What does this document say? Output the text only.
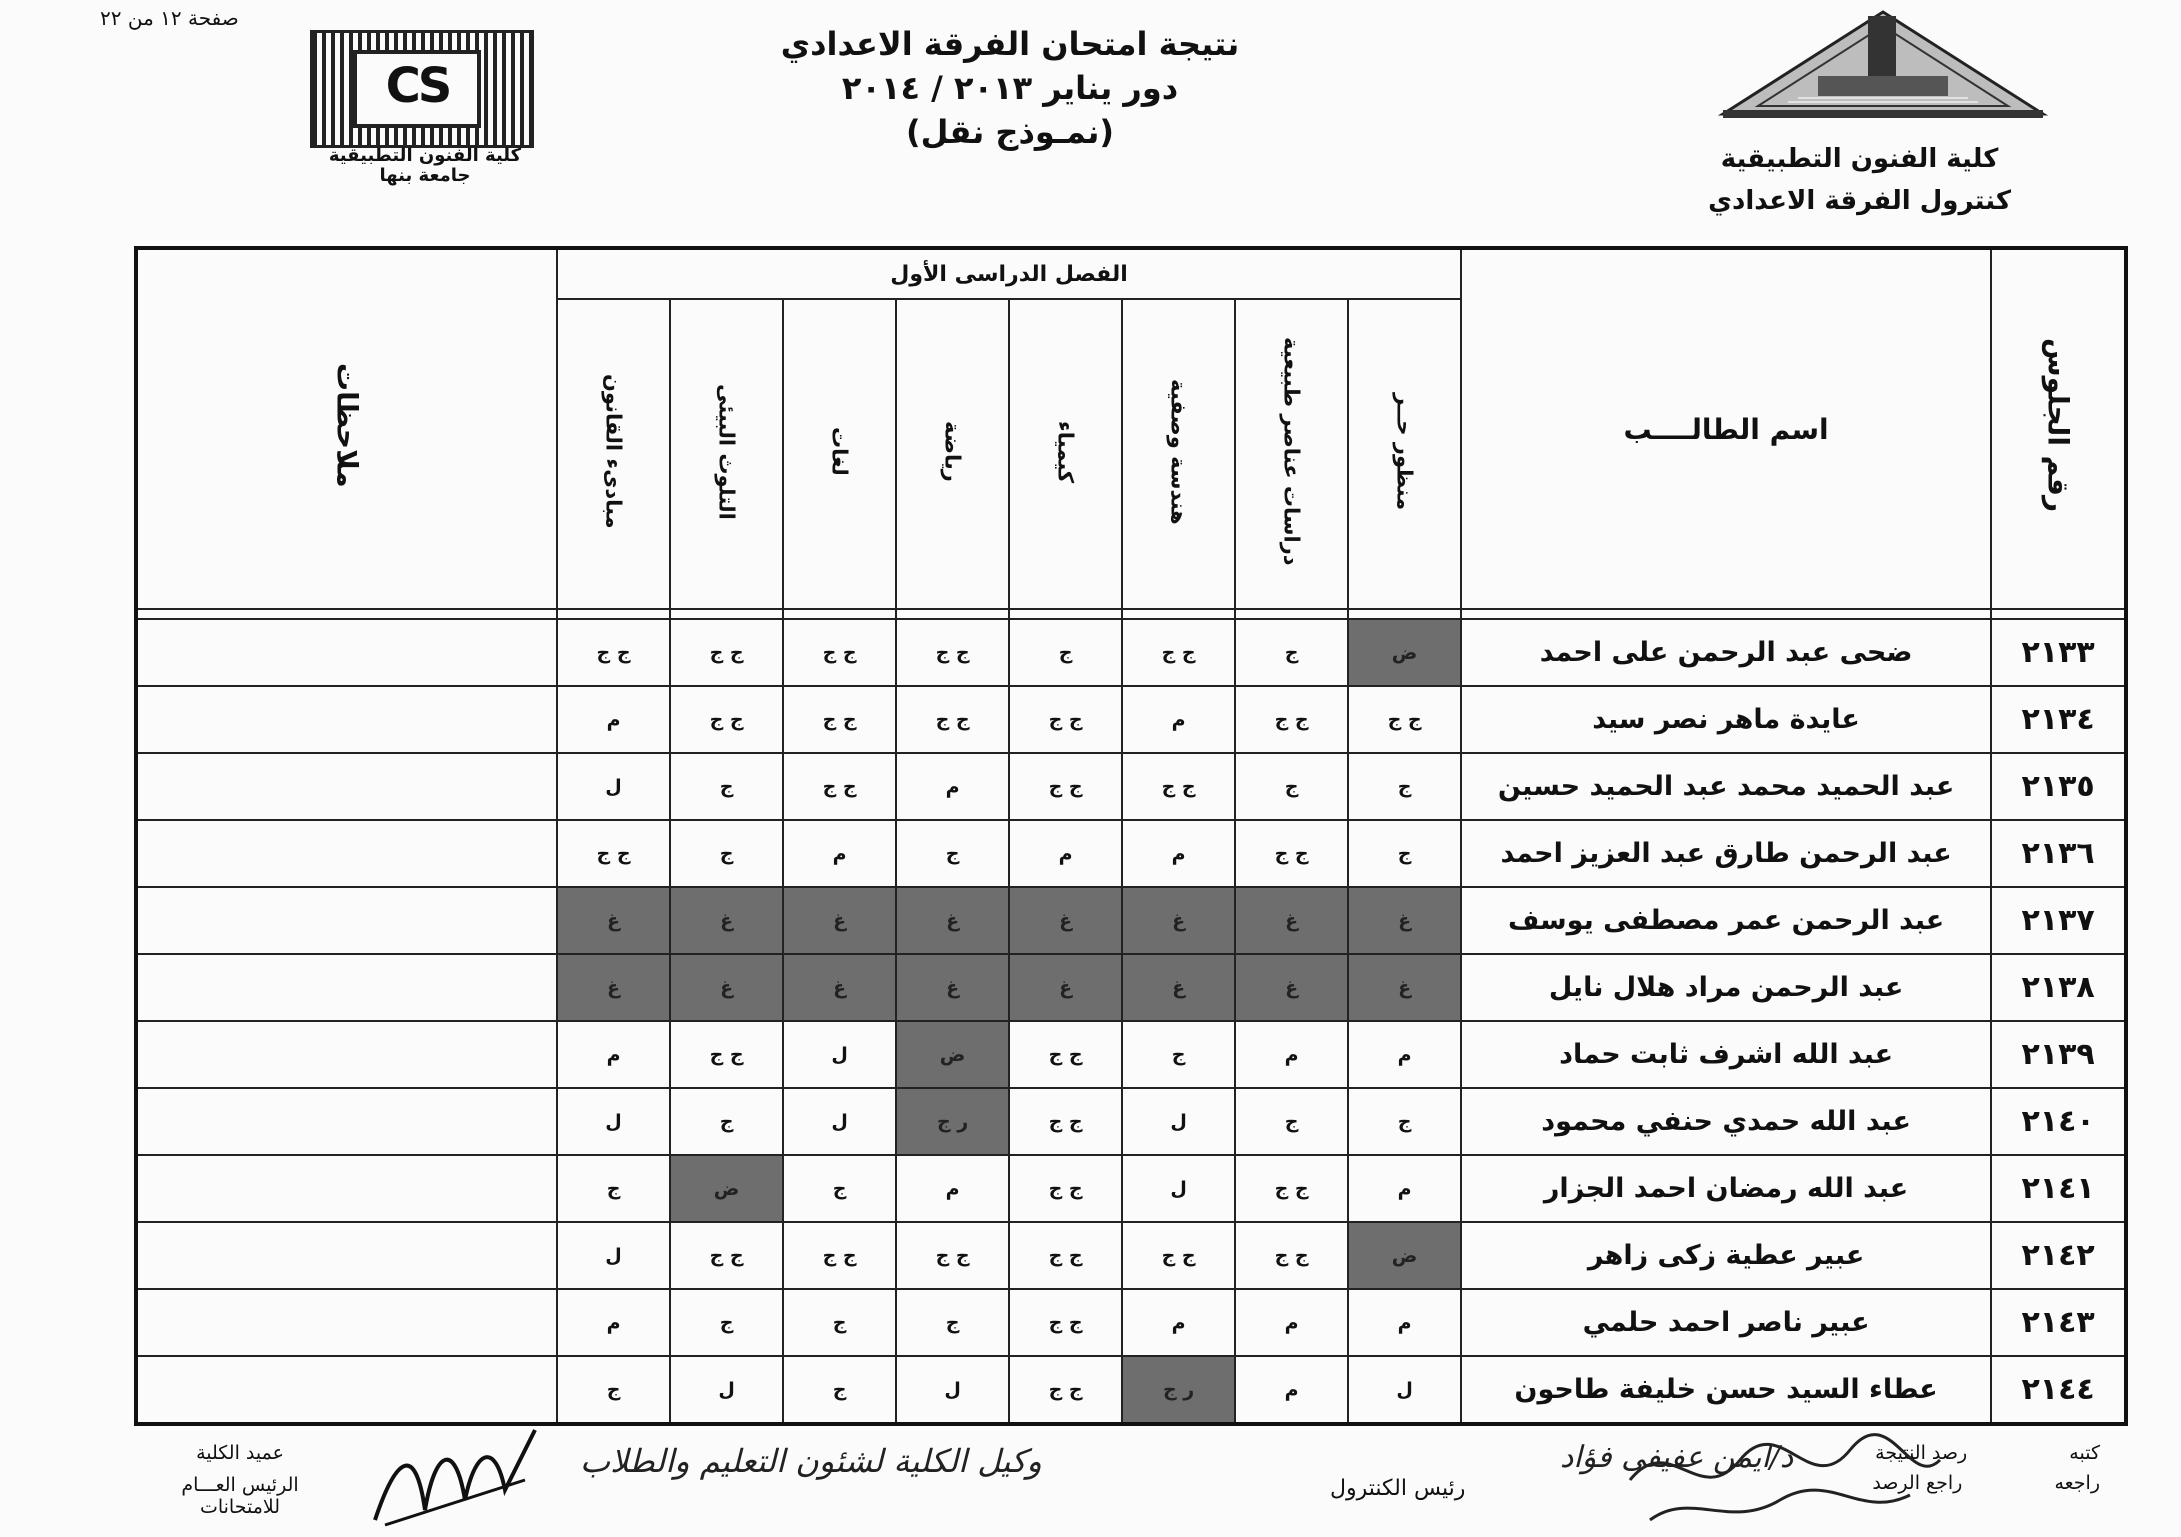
صفحة ١٢ من ٢٢
CS
كلية الفنون التطبيقية
جامعة بنها
نتيجة امتحان الفرقة الاعدادي
دور يناير ٢٠١٣ / ٢٠١٤
(نمـوذج نقل)
كلية الفنون التطبيقية
كنترول الفرقة الاعدادي
رقم الجلوس	اسم الطالــــب	الفصل الدراسى الأول								ملاحظات
		منظور حــر	دراسات عناصر طبيعية	هندسة وصفية	كيمياء	رياضة	لغات	التلوث البيئى	مبادىء القانون	

٢١٣٣	ضحى عبد الرحمن على احمد	ض	ج	ج ج	ج	ج ج	ج ج	ج ج	ج ج	
٢١٣٤	عايدة ماهر نصر سيد	ج ج	ج ج	م	ج ج	ج ج	ج ج	ج ج	م	
٢١٣٥	عبد الحميد محمد عبد الحميد حسين	ج	ج	ج ج	ج ج	م	ج ج	ج	ل	
٢١٣٦	عبد الرحمن طارق عبد العزيز احمد	ج	ج ج	م	م	ج	م	ج	ج ج	
٢١٣٧	عبد الرحمن عمر مصطفى يوسف	غ	غ	غ	غ	غ	غ	غ	غ	
٢١٣٨	عبد الرحمن مراد هلال نايل	غ	غ	غ	غ	غ	غ	غ	غ	
٢١٣٩	عبد الله اشرف ثابت حماد	م	م	ج	ج ج	ض	ل	ج ج	م	
٢١٤٠	عبد الله حمدي حنفي محمود	ج	ج	ل	ج ج	ر ج	ل	ج	ل	
٢١٤١	عبد الله رمضان احمد الجزار	م	ج ج	ل	ج ج	م	ج	ض	ج	
٢١٤٢	عبير عطية زكى زاهر	ض	ج ج	ج ج	ج ج	ج ج	ج ج	ج ج	ل	
٢١٤٣	عبير ناصر احمد حلمي	م	م	م	ج ج	ج	ج	ج	م	
٢١٤٤	عطاء السيد حسن خليفة طاحون	ل	م	ر ج	ج ج	ل	ج	ل	ج	
كتبه  رصد النتيجة
راجعه  راجع الرصد
د/ايمن عفيفى فؤاد
رئيس الكنترول
وكيل الكلية لشئون التعليم والطلاب
عميد الكلية
الرئيس العـــام للامتحانات
